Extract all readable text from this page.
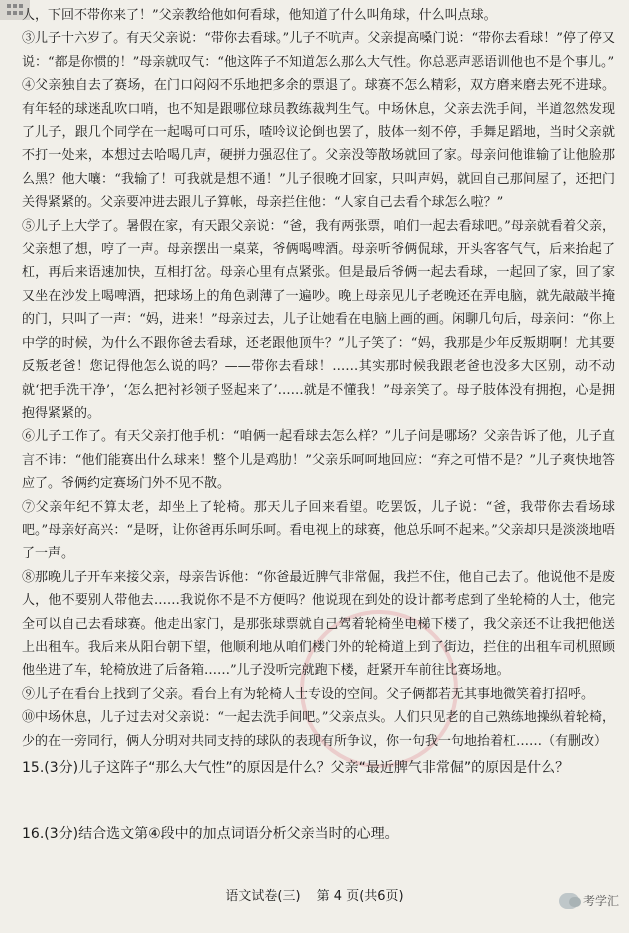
人，下回不带你来了！”父亲教给他如何看球，他知道了什么叫角球，什么叫点球。

③儿子十六岁了。有天父亲说：“带你去看球。”儿子不吭声。父亲提高嗓门说：“带你去看球！”停了停又说：“都是你惯的！”母亲就叹气：“他这阵子不知道怎么那么大气性。你总恶声恶语训他也不是个事儿。”

④父亲独自去了赛场，在门口闷闷不乐地把多余的票退了。球赛不怎么精彩，双方磨来磨去死不进球。有年轻的球迷乱吹口哨，也不知是跟哪位球员教练裁判生气。中场休息，父亲去洗手间，半道忽然发现了儿子，跟几个同学在一起喝可口可乐，喳呤议论倒也罢了，肢体一刻不停，手舞足蹈地，当时父亲就不打一处来，本想过去哈喝几声，硬拼力强忍住了。父亲没等散场就回了家。母亲问他谁输了让他脸那么黑？他大嚷：“我输了！可我就是想不通！”儿子很晚才回家，只叫声妈，就回自己那间屋了，还把门关得紧紧的。父亲要冲进去跟儿子算帐，母亲拦住他：“人家自己去看个球怎么啦？”

⑤儿子上大学了。暑假在家，有天跟父亲说：“爸，我有两张票，咱们一起去看球吧。”母亲就看着父亲，父亲想了想，哼了一声。母亲摆出一桌菜，爷俩喝啤酒。母亲听爷俩侃球，开头客客气气，后来抬起了杠，再后来语速加快，互相打岔。母亲心里有点紧张。但是最后爷俩一起去看球，一起回了家，回了家又坐在沙发上喝啤酒，把球场上的角色剥薄了一遍吵。晚上母亲见儿子老晚还在弄电脑，就先敲敲半掩的门，只叫了一声：“妈，进来！”母亲过去，儿子让她看在电脑上画的画。闲聊几句后，母亲问：“你上中学的时候，为什么不跟你爸去看球，还老跟他顶牛？”儿子笑了：“妈，我那是少年反叛期啊！尤其要反叛老爸！您记得他怎么说的吗？——带你去看球！……其实那时候我跟老爸也没多大区别，动不动就‘把手洗干净’，‘怎么把衬衫领子竖起来了’……就是不懂我！”母亲笑了。母子肢体没有拥抱，心是拥抱得紧紧的。

⑥儿子工作了。有天父亲打他手机：“咱俩一起看球去怎么样？”儿子问是哪场？父亲告诉了他，儿子直言不讳：“他们能赛出什么球来！整个儿是鸡肋！”父亲乐呵呵地回应：“弃之可惜不是？”儿子爽快地答应了。爷俩约定赛场门外不见不散。

⑦父亲年纪不算太老，却坐上了轮椅。那天儿子回来看望。吃罢饭，儿子说：“爸，我带你去看场球吧。”母亲好高兴：“是呀，让你爸再乐呵乐呵。看电视上的球赛，他总乐呵不起来。”父亲却只是淡淡地唔了一声。

⑧那晚儿子开车来接父亲，母亲告诉他：“你爸最近脾气非常倔，我拦不住，他自己去了。他说他不是废人，他不要别人带他去……我说你不是不方便吗？他说现在到处的设计都考虑到了坐轮椅的人士，他完全可以自己去看球赛。他走出家门，是那张球票就自己驾着轮椅坐电梯下楼了，我父亲还不让我把他送上出租车。我后来从阳台朝下望，他顺利地从咱们楼门外的轮椅道上到了街边，拦住的出租车司机照顾他坐进了车，轮椅放进了后备箱……”儿子没听完就跑下楼，赶紧开车前往比赛场地。

⑨儿子在看台上找到了父亲。看台上有为轮椅人士专设的空间。父子俩都若无其事地微笑着打招呼。

⑩中场休息，儿子过去对父亲说：“一起去洗手间吧。”父亲点头。人们只见老的自己熟练地操纵着轮椅，少的在一旁同行，俩人分明对共同支持的球队的表现有所争议，你一句我一句地抬着杠……（有删改）

15.(3分)儿子这阵子“那么大气性”的原因是什么？父亲“最近脾气非常倔”的原因是什么？

16.(3分)结合选文第④段中的加点词语分析父亲当时的心理。

语文试卷(三) 第 4 页(共6页)	考学汇
